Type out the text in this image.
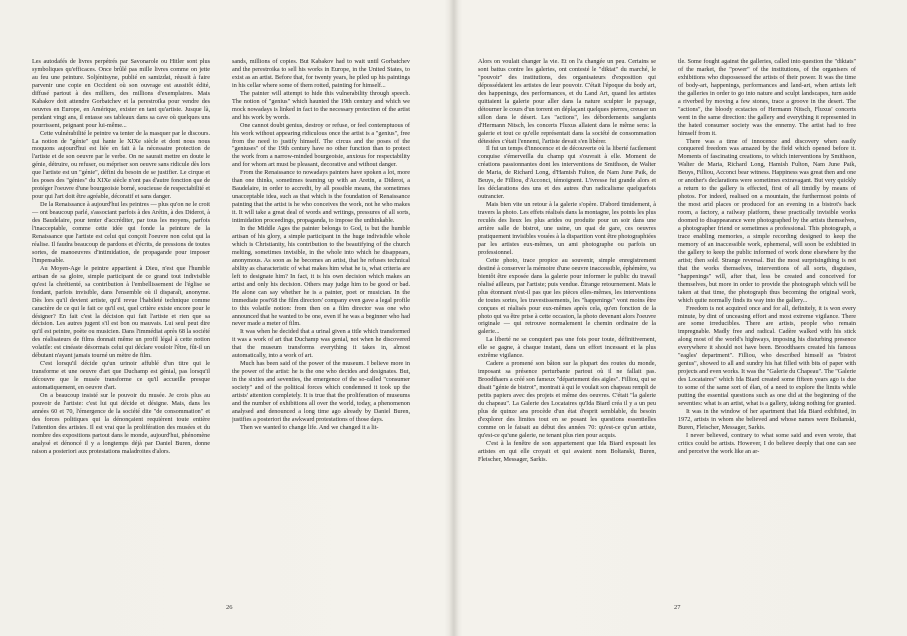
Les autodafés de livres perpétrés par Savonarole ou Hitler sont plus symboliques qu'efficaces. Once brûlé pas mille livres comme on jette au feu une peinture. Soljénitsyne, publié en samizdat, réussit à faire parvenir une copie en Occident où son ouvrage est aussitôt édité, diffusé partout à des milliers, des millions d'exemplaires. Mais Kabakov doit attendre Gorbatchev et la perestroïka pour vendre des oeuvres en Europe, en Amérique, exister en tant qu'artiste. Jusque là, pendant vingt ans, il entasse ses tableaux dans sa cave où quelques uns pourrissent, peignant pour lui-même...

Cette vulnérabilité le peintre va tenter de la masquer par le discours. La notion de "génie" qui hante le XIXe siècle et dont nous nous moquons aujourd'hui est liée en fait à la nécessaire protection de l'artiste et de son oeuvre par le verbe. On ne saurait mettre en doute le génie, détruire, ou refuser, ou mépriser son oeuvre sans ridicule dès lors que l'artiste est un "génie", défini du besoin de se justifier. Le cirque et les poses des "génies" du XIXe siècle n'ont pas d'autre fonction que de protéger l'oeuvre d'une bourgeoisie borné, soucieuse de respectabilité et pour qui l'art doit être agréable, décoratif et sans danger.

De la Renaissance à aujourd'hui les peintres — plus qu'on ne le croit — ont beaucoup parlé, s'associant parfois à des Arétin, à des Diderot, à des Baudelaire, pour tenter d'accréditer, par tous les moyens, parfois l'inacceptable, comme cette idée qui fonde la peinture de la Renaissance que l'artiste est celui qui conçoit l'oeuvre non celui qui la réalise. Il faudra beaucoup de pardons et d'écrits, de pressions de toutes sortes, de manoeuvres d'intimidation, de propagande pour imposer l'impensable.

Au Moyen-Age le peintre appartient à Dieu, n'est que l'humble artisan de sa gloire, simple participant de ce grand tout indivisible qu'est la chrétienté, sa contribution à l'embellissement de l'église se fondant, parfois invisible, dans l'ensemble où il disparaît, anonyme. Dès lors qu'il devient artiste, qu'il revue l'habileté technique comme caractère de ce qui le fait ce qu'il est, quel critère existe encore pour le désigner? En fait c'est la décision qui fait l'artiste et rien que sa décision. Les autres jugent s'il est bon ou mauvais. Lui seul peut dire qu'il est peintre, poète ou musicien. Dans l'immédiat après 68 la société des réalisateurs de films donnait même un profil légal à cette notion volatile: est cinéaste désormais celui qui déclare vouloir l'être, fût-il un débutant n'ayant jamais tourné un mètre de film.

C'est lorsqu'il décide qu'un urinoir affublé d'un titre qui le transforme et une oeuvre d'art que Duchamp est génial, pas lorsqu'il découvre que le musée transforme ce qu'il accueille presque automatiquement, en oeuvre d'art.

On a beaucoup insisté sur le pouvoir du musée. Je crois plus au pouvoir de l'artiste: c'est lui qui décide et désigne. Mais, dans les années 60 et 70, l'émergence de la société dite "de consommation" et des forces politiques qui la dénonçaient requièrent toute entière l'attention des artistes. Il est vrai que la prolifération des musées et du nombre des expositions partout dans le monde, aujourd'hui, phénomène analysé et dénoncé il y a longtemps déjà par Daniel Buren, donne raison a posteriori aux protestations maladroites d'alors.

sands, millions of copies. But Kabakov had to wait until Gorbatchev and the perestroika to sell his works in Europe, in the United States, to exist as an artist. Before that, for twenty years, he piled up his paintings in his cellar where some of them rotted, painting for himself...

The painter will attempt to hide this vulnerability through speech. The notion of "genius" which haunted the 19th century and which we mock nowadays is linked in fact to the necessary protection of the artist and his work by words.

One cannot doubt genius, destroy or refuse, or feel contemptuous of his work without appearing ridiculous once the artist is a "genius", free from the need to justify himself. The circus and the poses of the "geniuses" of the 19th century have no other function than to protect the work from a narrow-minded bourgeoisie, anxious for respectability and for whom art must be pleasant, decorative and without danger.

From the Renaissance to nowadays painters have spoken a lot, more than one thinks, sometimes teaming up with an Aretin, a Diderot, a Baudelaire, in order to accredit, by all possible means, the sometimes unacceptable idea, such as that which is the foundation of Renaissance painting that the artist is he who conceives the work, not he who makes it. It will take a great deal of words and writings, pressures of all sorts, intimidation proceedings, propaganda, to impose the unthinkable.

In the Middle Ages the painter belongs to God, is but the humble artisan of his glory, a simple participant in the huge indivisible whole which is Christianity, his contribution to the beautifying of the church melting, sometimes invisible, in the whole into which he disappears, anonymous. As soon as he becomes an artist, that he refuses technical ability as characteristic of what makes him what he is, what criteria are left to designate him? In fact, it is his own decision which makes an artist and only his decision. Others may judge him to be good or bad. He alone can say whether he is a painter, poet or musician. In the immediate post'68 the film directors' company even gave a legal profile to this volatile notion: from then on a film director was one who announced that he wanted to be one, even if he was a beginner who had never made a meter of film.

It was when he decided that a urinal given a title which transformed it was a work of art that Duchamp was genial, not when he discovered that the museum transforms everything it takes in, almost automatically, into a work of art.

Much has been said of the power of the museum. I believe more in the power of the artist: he is the one who decides and designates. But, in the sixties and seventies, the emergence of the so-called "consumer society" and of the political forces which condemned it took up the artists' attention completely. It is true that the proliferation of museums and the number of exhibitions all over the world, today, a phenomenon analysed and denounced a long time ago already by Daniel Buren, justifies a posteriori the awkward protestations of those days.

Then we wanted to change life. And we changed it a lit-

26

Alors on voulait changer la vie. Et on l'a changée un peu. Certains se sont battus contre les galeries, ont contesté le "diktat" du marché, le "pouvoir" des institutions, des organisateurs d'exposition qui dépossédaient les artistes de leur pouvoir. C'était l'époque du body art, des happenings, des performances, et du Land Art, quand les artistes quittaient la galerie pour aller dans la nature sculpter le paysage, détourner le cours d'un torrent en déplaçant quelques pierres, creuser un sillon dans le désert. Les "actions", les débordements sanglants d'Hermann Nitsch, les concerts Fluxus allaient dans le même sens: la galerie et tout ce qu'elle représentait dans la société de consommation détestées c'était l'ennemi, l'artiste devait s'en libérer.

Il fut un temps d'innocence et de découverte où la liberté facilement conquise s'émerveilla du champ qui s'ouvrait à elle. Moment de créations passionnantes dont les interventions de Smithson, de Walter de Maria, de Richard Long, d'Hamish Fulton, de Nam June Paik, de Beuys, de Filliou, d'Acconci, témoignent. L'ivresse fut grande alors et les déclarations des uns et des autres d'un radicalisme quelquefois outrancier.

Mais bien vite un retour à la galerie s'opère. D'abord timidement, à travers la photo. Les effets réalisés dans la montagne, les points les plus reculés des lieux les plus arides ou produite pour un soir dans une arrière salle de bistrot, une usine, un quai de gare, ces oeuvres pratiquement invisibles vouées à la disparition vont être photographiées par les artistes eux-mêmes, un ami photographe ou parfois un professionnel.

Cette photo, trace propice au souvenir, simple enregistrement destiné à conserver la mémoire d'une oeuvre inaccessible, éphémère, va bientôt être exposée dans la galerie pour informer le public du travail réalisé ailleurs, par l'artiste; puis vendue. Étrange retournement. Mais le plus étonnant n'est-il pas que les pièces elles-mêmes, les interventions de toutes sortes, les travestissements, les "happenings" vont moins être conçues et réalisés pour eux-mêmes après cela, qu'en fonction de la photo qui va être prise à cette occasion, la photo devenant alors l'oeuvre originale — qui retrouve normalement le chemin ordinaire de la galerie...

La liberté ne se conquiert pas une fois pour toute, définitivement, elle se gagne, à chaque instant, dans un effort incessant et la plus extrême vigilance.

Cadere a promené son bâton sur la plupart des routes du monde, imposant sa présence perturbante partout où il ne fallait pas. Broodthaers a créé son fameux "département des aigles". Filliou, qui se disait "génie de bistrot", montrait à qui le voulait son chapeau rempli de petits papiers avec des projets et même des oeuvres. C'était "la galerie du chapeau". La Galerie des Locataires qu'Ida Biard créa il y a un peu plus de quinze ans procède d'un état d'esprit semblable, du besoin d'explorer des limites tout en se posant les questions essentielles comme on le faisait au début des années 70: qu'est-ce qu'un artiste, qu'est-ce qu'une galerie, ne tenant plus rien pour acquis.

C'est à la fenêtre de son appartement que Ida Biard exposait les artistes en qui elle croyait et qui avaient nom Boltanski, Buren, Fleischer, Messager, Sarkis.

tle. Some fought against the galleries, called into question the "diktats" of the market, the "power" of the institutions, of the organisers of exhibitions who dispossessed the artists of their power. It was the time of body-art, happenings, performances and land-art, when artists left the galleries in order to go into nature and sculpt landscapes, turn aside a riverbed by moving a few stones, trace a groove in the desert. The "actions", the bloody ecstacies of Hermann Nitsch, Fluxus' concerts went in the same direction: the gallery and everything it represented in the hated consumer society was the ennemy. The artist had to free himself from it.

There was a time of innocence and discovery when easily conquered freedom was amazed by the field which opened before it. Moments of fascinating creations, to which interventions by Smithson, Walter de Maria, Richard Long, Hamish Fulton, Nam June Paik, Beuys, Filliou, Acconci bear witness. Happiness was great then and one or another's declarations were sometimes extravagant. But very quickly a return to the gallery is effected, first of all timidly by means of photos. For indeed, realised on a mountain, the furthermost points of the most arid places or produced for an evening in a bistrot's back room, a factory, a railway platform, these practically invisible works doomed to disappearance were photographed by the artists themselves, a photographer friend or sometimes a professional. This photograph, a trace enabling memories, a simple recording designed to keep the memory of an inaccessible work, ephemeral, will soon be exhibited in the gallery to keep the public informed of work done elsewhere by the artist; then sold. Strange reversal. But the most surprisingthing is not that the works themselves, interventions of all sorts, disguises, "happenings" will, after that, less be created and conceived for themselves, but more in order to provide the photograph which will be taken at that time, the photograph thus becoming the original work, which quite normally finds its way into the gallery...

Freedom is not acquired once and for all, definitely, it is won every minute, by dint of unceasing effort and most extreme vigilance. There are some irreducibles. There are artists, people who remain impregnable. Madly free and radical. Cadère walked with his stick along most of the world's highways, imposing his disturbing presence everywhere it should not have been. Broodthaers created his famous "eagles' department". Filliou, who described himself as "bistrot genius", showed to all and sundry his hat filled with bits of paper with projects and even works. It was the "Galerie du Chapeau". The "Galerie des Locataires" which Ida Biard created some fifteen years ago is due to some of the same sort of élan, of a need to explore the limits while putting the essential questions such as one did at the beginning of the seventies: what is an artist, what is a gallery, taking nothing for granted.

It was in the window of her apartment that Ida Biard exhibited, in 1972, artists in whom she believed and whose names were Boltanski, Buren, Fleischer, Messager, Sarkis.

I never believed, contrary to what some said and even wrote, that critics could be artists. However, I do believe deeply that one can see and perceive the work like an ar-

27
